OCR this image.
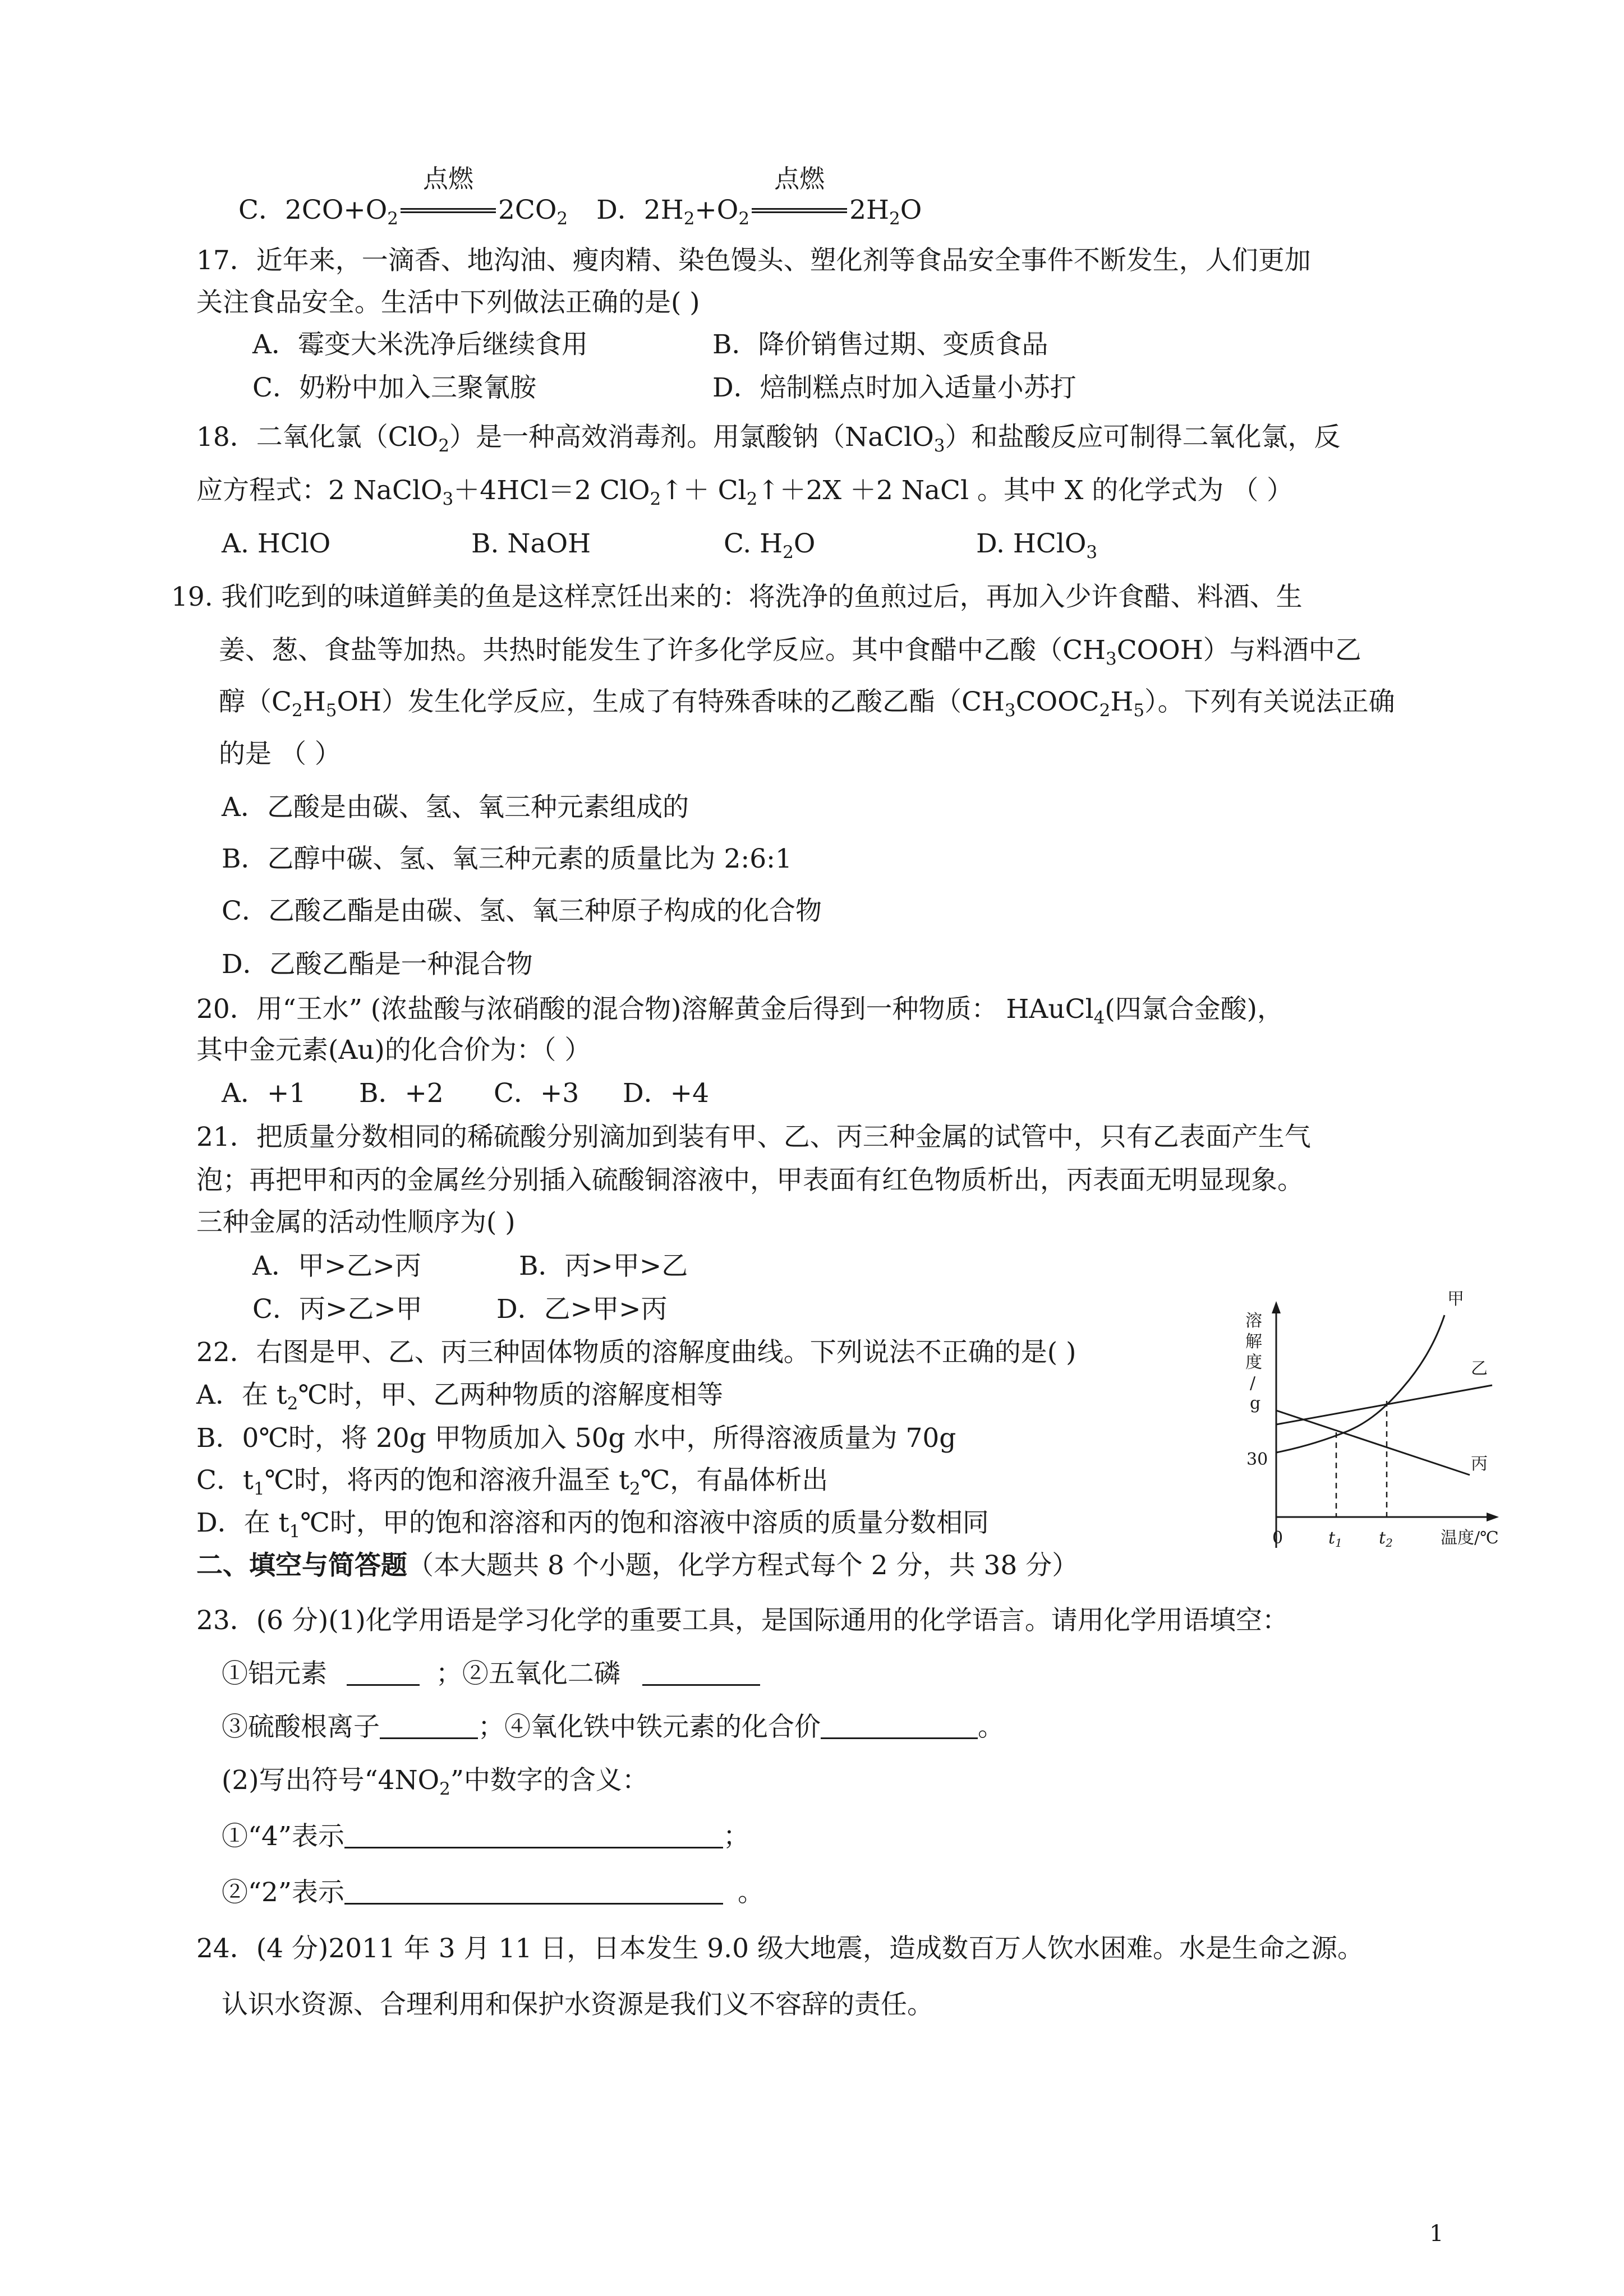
C．$2CO+O_2$
点燃
$2CO_2$ D．$2H_2+O_2$
点燃
$2H_2O$
17．近年来，一滴香、地沟油、瘦肉精、染色馒头、塑化剂等食品安全事件不断发生，人们更加
关注食品安全。生活中下列做法正确的是( )
A．霉变大米洗净后继续食用	B．降价销售过期、变质食品
C．奶粉中加入三聚氰胺	D．焙制糕点时加入适量小苏打
18．二氧化氯（ClO$_2$）是一种高效消毒剂。用氯酸钠（NaClO$_3$）和盐酸反应可制得二氧化氯，反
应方程式：2 NaClO$_3$＋4HCl＝2 ClO$_2$↑＋ $Cl_2↑+2X +2$ NaCl 。其中 X 的化学式为 （ ）
A. HClO	B. NaOH	C. $H_2O$	D. HClO$_3$
19. 我们吃到的味道鲜美的鱼是这样烹饪出来的：将洗净的鱼煎过后，再加入少许食醋、料酒、生
姜、葱、食盐等加热。共热时能发生了许多化学反应。其中食醋中乙酸$(CH_3COOH)$与料酒中乙
醇$(C_2H_5OH)$发生化学反应，生成了有特殊香味的乙酸乙酯$(CH_3COOC_2H_5)$。下列有关说法正确
的是 （ ）
A．乙酸是由碳、氢、氧三种元素组成的
B．乙醇中碳、氢、氧三种元素的质量比为 2:6:1
C．乙酸乙酯是由碳、氢、氧三种原子构成的化合物
D．乙酸乙酯是一种混合物
20．用“王水” (浓盐酸与浓硝酸的混合物)溶解黄金后得到一种物质： HAuCl$_4$(四氯合金酸)，
其中金元素(Au)的化合价为：（ ）
A．+1 B．+2 C．+3 D．+4
21．把质量分数相同的稀硫酸分别滴加到装有甲、乙、丙三种金属的试管中，只有乙表面产生气
泡；再把甲和丙的金属丝分别插入硫酸铜溶液中，甲表面有红色物质析出，丙表面无明显现象。
三种金属的活动性顺序为( )
A．甲>乙>丙	B．丙>甲>乙
C．丙>乙>甲	D．乙>甲>丙
22．右图是甲、乙、丙三种固体物质的溶解度曲线。下列说法不正确的是( )
A．在 $t_2℃$时，甲、乙两种物质的溶解度相等
B．0℃时，将 20g 甲物质加入 50g 水中，所得溶液质量为 70g
C．$t_1℃$时，将丙的饱和溶液升温至 $t_2℃$，有晶体析出
D．在 $t_1℃$时，甲的饱和溶溶和丙的饱和溶液中溶质的质量分数相同
溶
解
度
/
g
30
0	$t_1$ $t_2$	温度/℃
甲
乙
丙
二、填空与简答题（本大题共 8 个小题，化学方程式每个 2 分，共 38 分）
23．(6 分)(1)化学用语是学习化学的重要工具，是国际通用的化学语言。请用化学用语填空：
①铝元素	；②五氧化二磷
③硫酸根离子	；④氧化铁中铁元素的化合价	。
(2)写出符号“$4NO_2$”中数字的含义：
①“4”表示	；
②“2”表示	。
24．(4 分)2011 年 3 月 11 日，日本发生 9.0 级大地震，造成数百万人饮水困难。水是生命之源。
认识水资源、合理利用和保护水资源是我们义不容辞的责任。
1
